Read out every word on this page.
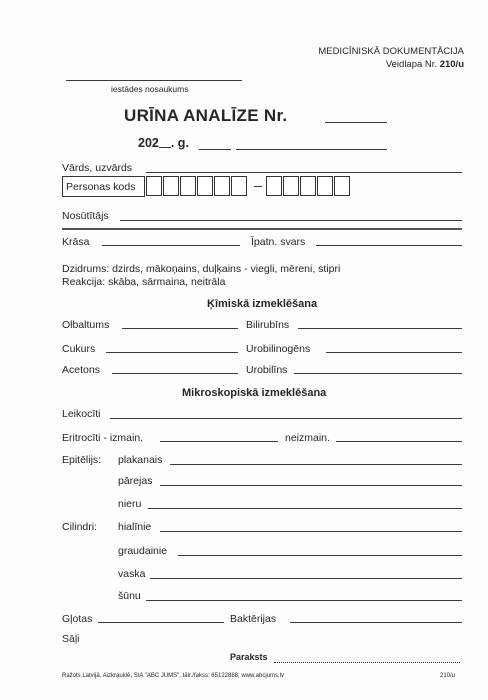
MEDICĪNISKĀ DOKUMENTĀCIJA
Veidlapa Nr. 210/u
iestādes nosaukums
URĪNA ANALĪZE Nr.
202 . g.
Vārds, uzvārds
Personas kods
Nosūtītājs
Krāsa	Īpatn. svars
Dzidrums: dzirds, mākoņains, duļķains - viegli, mēreni, stipri
Reakcija: skāba, sārmaina, neitrāla
Ķīmiskā izmeklēšana
Olbaltums	Bilirubīns
Cukurs	Urobilinogēns
Acetons	Urobilīns
Mikroskopiskā izmeklēšana
Leikocīti
Eritrocīti - izmain.	neizmain.
Epitēlijs: plakanais
pārejas
nieru
Cilindri: hialīnie
graudainie
vaska
šūnu
Gļotas	Baktērijas
Sāļi
Paraksts
Ražots Latvijā, Aizkrauklē, SIA "ABC JUMS", tālr./fakss: 65122888; www.abcjums.lv	210/u
